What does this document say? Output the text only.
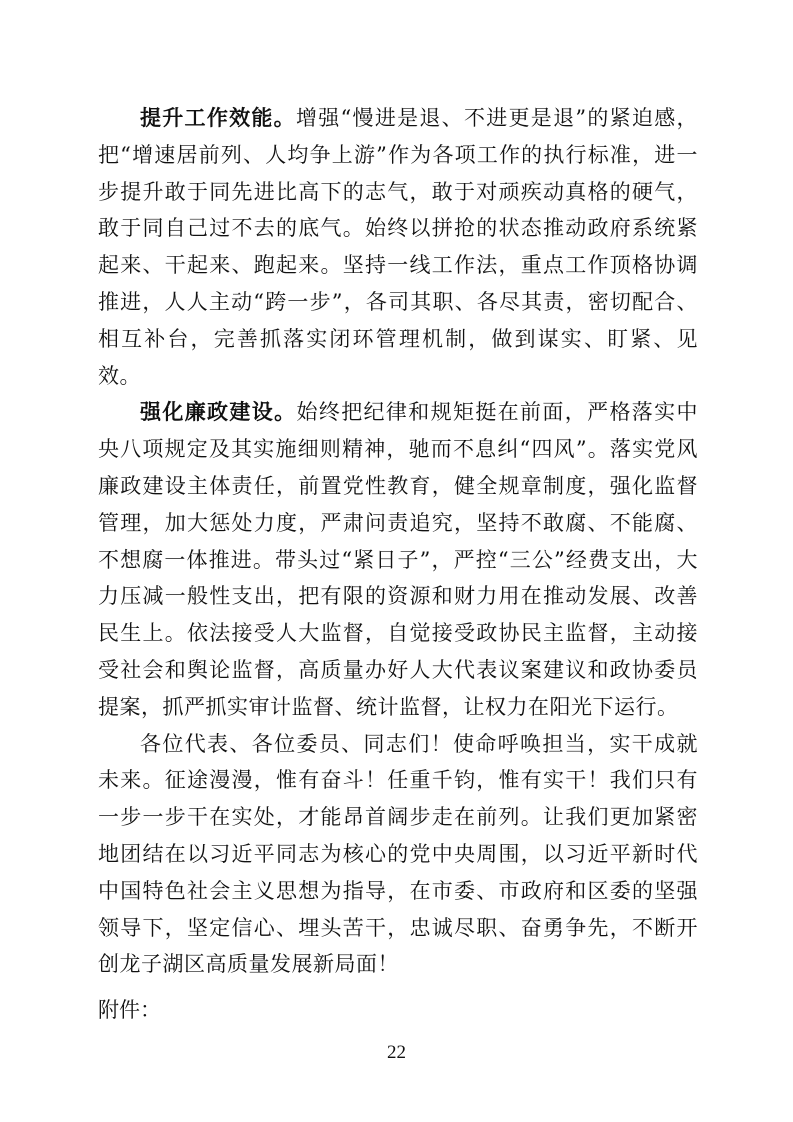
提升工作效能。增强“慢进是退、不进更是退”的紧迫感，把“增速居前列、人均争上游”作为各项工作的执行标准，进一步提升敢于同先进比高下的志气，敢于对顽疾动真格的硬气，敢于同自己过不去的底气。始终以拼抢的状态推动政府系统紧起来、干起来、跑起来。坚持一线工作法，重点工作顶格协调推进，人人主动“跨一步”，各司其职、各尽其责，密切配合、相互补台，完善抓落实闭环管理机制，做到谋实、盯紧、见效。

强化廉政建设。始终把纪律和规矩挺在前面，严格落实中央八项规定及其实施细则精神，驰而不息纠“四风”。落实党风廉政建设主体责任，前置党性教育，健全规章制度，强化监督管理，加大惩处力度，严肃问责追究，坚持不敢腐、不能腐、不想腐一体推进。带头过“紧日子”，严控“三公”经费支出，大力压减一般性支出，把有限的资源和财力用在推动发展、改善民生上。依法接受人大监督，自觉接受政协民主监督，主动接受社会和舆论监督，高质量办好人大代表议案建议和政协委员提案，抓严抓实审计监督、统计监督，让权力在阳光下运行。

各位代表、各位委员、同志们！使命呼唤担当，实干成就未来。征途漫漫，惟有奋斗！任重千钧，惟有实干！我们只有一步一步干在实处，才能昂首阔步走在前列。让我们更加紧密地团结在以习近平同志为核心的党中央周围，以习近平新时代中国特色社会主义思想为指导，在市委、市政府和区委的坚强领导下，坚定信心、埋头苦干，忠诚尽职、奋勇争先，不断开创龙子湖区高质量发展新局面！

附件：

22
